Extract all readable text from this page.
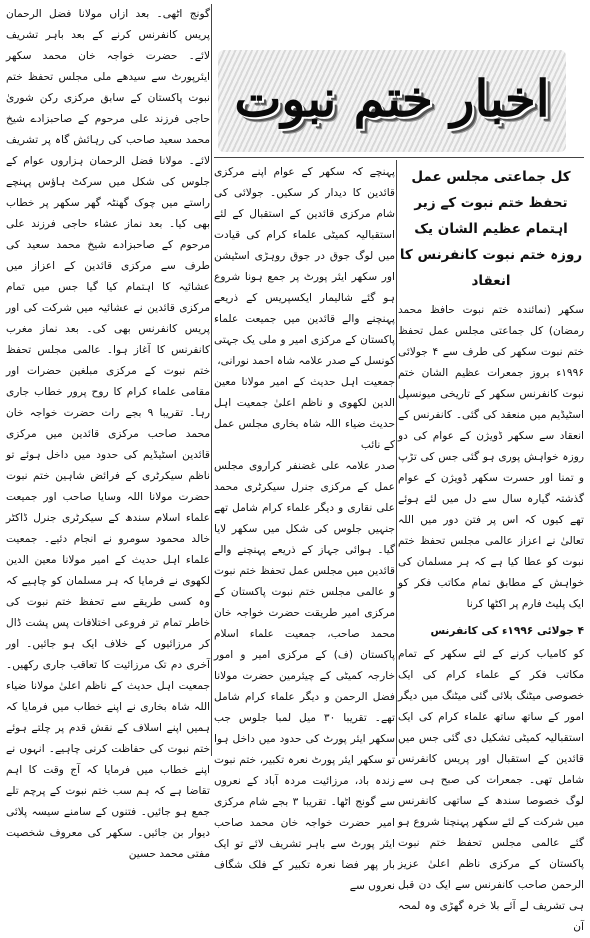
اخبار ختم نبوت

گونج اٹھی۔ بعد ازاں مولانا فضل الرحمان پریس کانفرنس کرنے کے بعد باہر تشریف لائے۔ حضرت خواجہ خان محمد سکھر ایئرپورٹ سے سیدھے ملی مجلس تحفظ ختم نبوت پاکستان کے سابق مرکزی رکن شوریٰ حاجی فرزند علی مرحوم کے صاحبزادے شیخ محمد سعید صاحب کی رہائش گاہ پر تشریف لائے۔ مولانا فضل الرحمان ہزاروں عوام کے جلوس کی شکل میں سرکٹ ہاؤس پہنچے راستے میں چوک گھنٹہ گھر سکھر پر خطاب بھی کیا۔ بعد نماز عشاء حاجی فرزند علی مرحوم کے صاحبزادے شیخ محمد سعید کی طرف سے مرکزی قائدین کے اعزاز میں عشائیہ کا اہتمام کیا گیا جس میں تمام مرکزی قائدین نے عشائیہ میں شرکت کی اور پریس کانفرنس بھی کی۔ بعد نماز مغرب کانفرنس کا آغاز ہوا۔ عالمی مجلس تحفظ ختم نبوت کے مرکزی مبلغین حضرات اور مقامی علماء کرام کا روح پرور خطاب جاری رہا۔ تقریبا ۹ بجے رات حضرت خواجہ خان محمد صاحب مرکزی قائدین میں مرکزی قائدین اسٹیڈیم کی حدود میں داخل ہوئے تو ناظم سیکرٹری کے فرائض شاہین ختم نبوت حضرت مولانا اللہ وسایا صاحب اور جمیعت علماء اسلام سندھ کے سیکرٹری جنرل ڈاکٹر خالد محمود سومرو نے انجام دئیے۔ جمعیت علماء اہل حدیث کے امیر مولانا معین الدین لکھوی نے فرمایا کہ ہر مسلمان کو چاہیے کہ وہ کسی طریقے سے تحفظ ختم نبوت کی خاطر تمام تر فروعی اختلافات پس پشت ڈال کر مرزائیوں کے خلاف ایک ہو جائیں۔ اور آخری دم تک مرزائیت کا تعاقب جاری رکھیں۔ جمعیت اہل حدیث کے ناظم اعلیٰ مولانا ضیاء اللہ شاہ بخاری نے اپنے خطاب میں فرمایا کہ ہمیں اپنے اسلاف کے نقش قدم پر چلتے ہوئے ختم نبوت کی حفاظت کرنی چاہیے۔ انہوں نے اپنے خطاب میں فرمایا کہ آج وقت کا اہم تقاضا ہے کہ ہم سب ختم نبوت کے پرچم تلے جمع ہو جائیں۔ فتنوں کے سامنے سیسہ پلائی دیوار بن جائیں۔ سکھر کی معروف شخصیت مفتی محمد حسین

پہنچے کہ سکھر کے عوام اپنے مرکزی قائدین کا دیدار کر سکیں۔ جولائی کی شام مرکزی قائدین کے استقبال کے لئے استقبالیہ کمیٹی علماء کرام کی قیادت میں لوگ جوق در جوق روہڑی اسٹیشن اور سکھر ایئر پورٹ پر جمع ہونا شروع ہو گئے شالیمار ایکسپریس کے ذریعے پہنچنے والے قائدین میں جمیعت علماء پاکستان کے مرکزی امیر و ملی یک جہتی کونسل کے صدر علامہ شاہ احمد نورانی،

جمعیت اہل حدیث کے امیر مولانا معین الدین لکھوی و ناظم اعلیٰ جمعیت اہل حدیث ضیاء اللہ شاہ بخاری مجلس عمل کے نائب

صدر علامہ علی غضنفر کراروی مجلس عمل کے مرکزی جنرل سیکرٹری محمد علی نقاری و دیگر علماء کرام شامل تھے جنہیں جلوس کی شکل میں سکھر لایا گیا۔ ہوائی جہاز کے ذریعے پہنچنے والے قائدین میں مجلس عمل تحفظ ختم نبوت و عالمی مجلس ختم نبوت پاکستان کے مرکزی امیر طریقت حضرت خواجہ خان محمد صاحب، جمعیت علماء اسلام پاکستان (ف) کے مرکزی امیر و امور خارجہ کمیٹی کے چیئرمین حضرت مولانا فضل الرحمن و دیگر علماء کرام شامل تھے۔ تقریبا ۳۰ میل لمبا جلوس جب سکھر ایئر پورٹ کی حدود میں داخل ہوا تو سکھر ایئر پورٹ نعرہ تکبیر، ختم نبوت زندہ باد، مرزائیت مردہ آباد کے نعروں سے گونج اٹھا۔ تقریبا ۳ بجے شام مرکزی امیر حضرت خواجہ خان محمد صاحب ایئر پورٹ سے باہر تشریف لائے تو ایک بار پھر فضا نعرہ تکبیر کے فلک شگاف نعروں سے

کل جماعتی مجلس عمل تحفظ ختم نبوت کے زیر اہتمام عظیم الشان یک روزہ ختم نبوت کانفرنس کا انعقاد

سکھر (نمائندہ ختم نبوت حافظ محمد رمضان) کل جماعتی مجلس عمل تحفظ ختم نبوت سکھر کی طرف سے ۴ جولائی ۱۹۹۶ء بروز جمعرات عظیم الشان ختم نبوت کانفرنس سکھر کے تاریخی میونسپل اسٹیڈیم میں منعقد کی گئی۔ کانفرنس کے انعقاد سے سکھر ڈویژن کے عوام کی دو روزہ خواہش پوری ہو گئی جس کی تڑپ و تمنا اور حسرت سکھر ڈویژن کے عوام گذشتہ گیارہ سال سے دل میں لئے ہوئے تھے کیوں کہ اس پر فتن دور میں اللہ تعالیٰ نے اعزاز عالمی مجلس تحفظ ختم نبوت کو عطا کیا ہے کہ ہر مسلمان کی خواہش کے مطابق تمام مکاتب فکر کو ایک پلیٹ فارم پر اکٹھا کرنا

۴ جولائی ۱۹۹۶ء کی کانفرنس

کو کامیاب کرنے کے لئے سکھر کے تمام مکاتب فکر کے علماء کرام کی ایک خصوصی میٹنگ بلائی گئی میٹنگ میں دیگر امور کے ساتھ ساتھ علماء کرام کی ایک استقبالیہ کمیٹی تشکیل دی گئی جس میں قائدین کے استقبال اور پریس کانفرنس شامل تھی۔ جمعرات کی صبح ہی سے لوگ خصوصا سندھ کے ساتھی کانفرنس میں شرکت کے لئے سکھر پہنچنا شروع ہو گئے عالمی مجلس تحفظ ختم نبوت پاکستان کے مرکزی ناظم اعلیٰ عزیز الرحمن صاحب کانفرنس سے ایک دن قبل ہی تشریف لے آئے بلا خرہ گھڑی وہ لمحہ آن
